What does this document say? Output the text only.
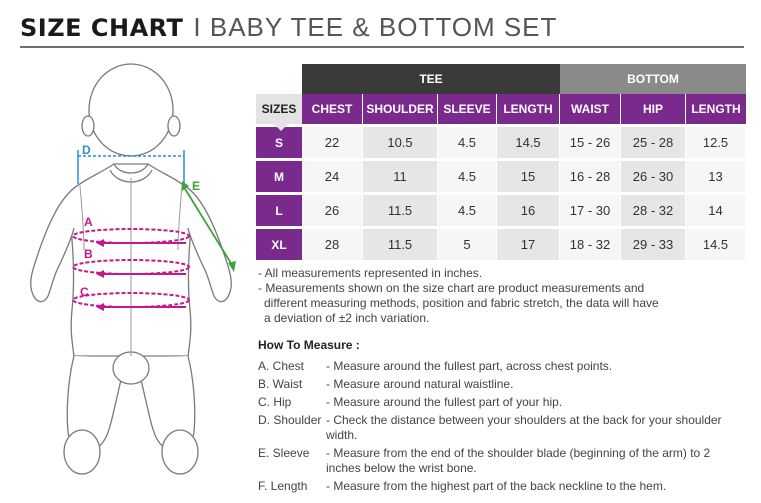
SIZE CHART I BABY TEE & BOTTOM SET
D
E
A
B
C
	TEE				BOTTOM		
SIZES	CHEST	SHOULDER	SLEEVE	LENGTH	WAIST	HIP	LENGTH
S	22	10.5	4.5	14.5	15 - 26	25 - 28	12.5
M	24	11	4.5	15	16 - 28	26 - 30	13
L	26	11.5	4.5	16	17 - 30	28 - 32	14
XL	28	11.5	5	17	18 - 32	29 - 33	14.5
- All measurements represented in inches.
- Measurements shown on the size chart are product measurements and
different measuring methods, position and fabric stretch, the data will have
a deviation of ±2 inch variation.
How To Measure :
A. Chest	- Measure around the fullest part, across chest points.
B. Waist	- Measure around natural waistline.
C. Hip	- Measure around the fullest part of your hip.
D. Shoulder - Check the distance between your shoulders at the back for your shoulder width.
E. Sleeve	- Measure from the end of the shoulder blade (beginning of the arm) to 2 inches below the wrist bone.
F. Length	- Measure from the highest part of the back neckline to the hem.
